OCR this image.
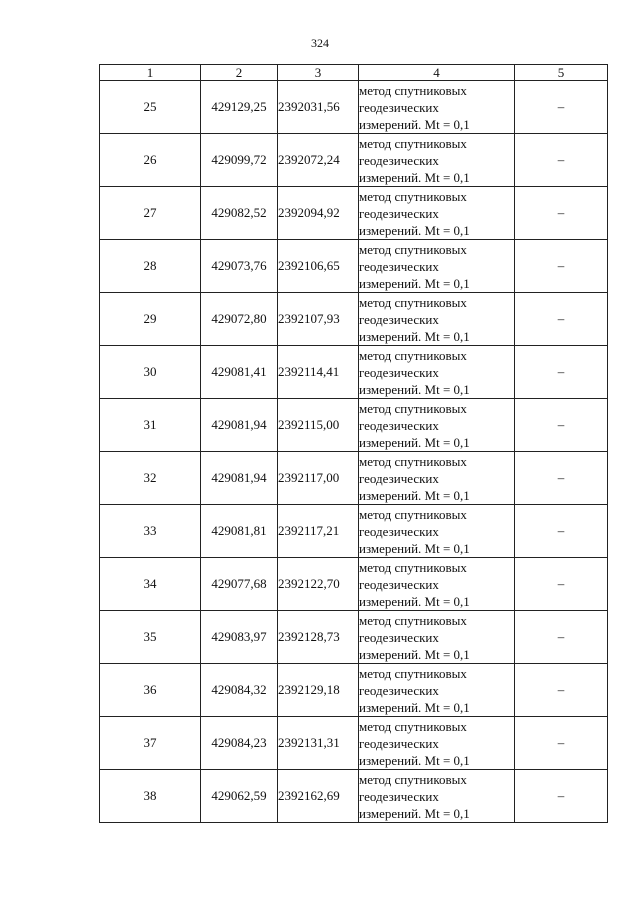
324
1	2	3	4	5
25	429129,25	2392031,56	метод спутниковых
геодезических
измерений. Mt = 0,1	–
26	429099,72	2392072,24	метод спутниковых
геодезических
измерений. Mt = 0,1	–
27	429082,52	2392094,92	метод спутниковых
геодезических
измерений. Mt = 0,1	–
28	429073,76	2392106,65	метод спутниковых
геодезических
измерений. Mt = 0,1	–
29	429072,80	2392107,93	метод спутниковых
геодезических
измерений. Mt = 0,1	–
30	429081,41	2392114,41	метод спутниковых
геодезических
измерений. Mt = 0,1	–
31	429081,94	2392115,00	метод спутниковых
геодезических
измерений. Mt = 0,1	–
32	429081,94	2392117,00	метод спутниковых
геодезических
измерений. Mt = 0,1	–
33	429081,81	2392117,21	метод спутниковых
геодезических
измерений. Mt = 0,1	–
34	429077,68	2392122,70	метод спутниковых
геодезических
измерений. Mt = 0,1	–
35	429083,97	2392128,73	метод спутниковых
геодезических
измерений. Mt = 0,1	–
36	429084,32	2392129,18	метод спутниковых
геодезических
измерений. Mt = 0,1	–
37	429084,23	2392131,31	метод спутниковых
геодезических
измерений. Mt = 0,1	–
38	429062,59	2392162,69	метод спутниковых
геодезических
измерений. Mt = 0,1	–
